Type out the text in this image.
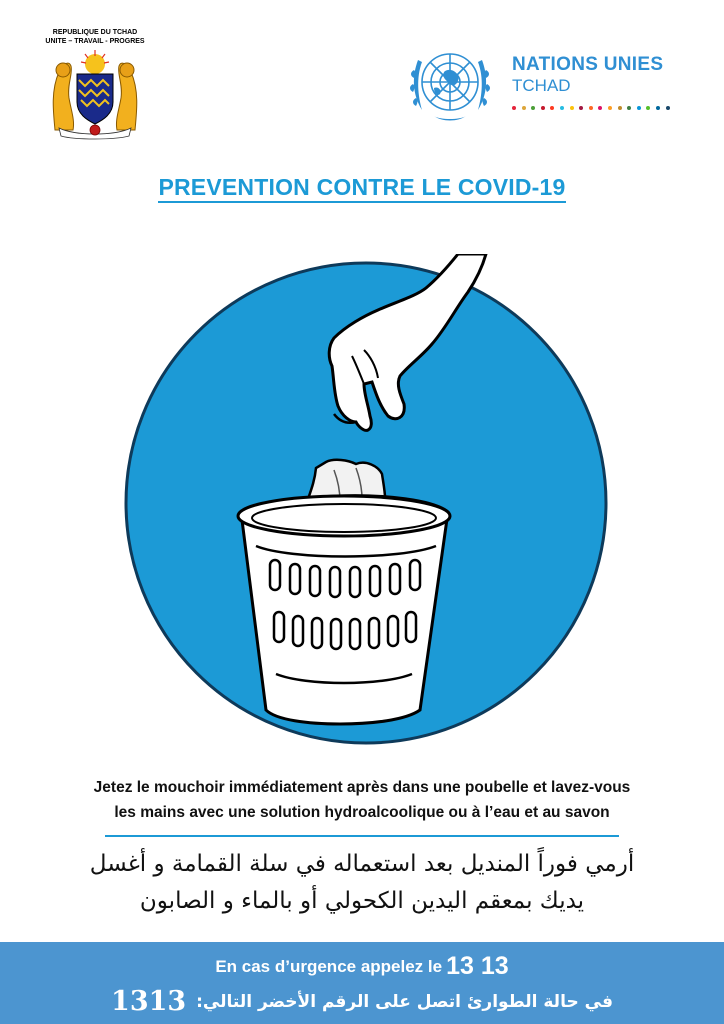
REPUBLIQUE DU TCHAD
UNITE – TRAVAIL - PROGRES
NATIONS UNIES
TCHAD
PREVENTION CONTRE LE COVID-19
Jetez le mouchoir immédiatement après dans une poubelle et lavez-vous
les mains avec une solution hydroalcoolique ou à l’eau et au savon
أرمي فوراً المنديل بعد استعماله في سلة القمامة و أغسل
يديك بمعقم اليدين الكحولي أو بالماء و الصابون
En cas d’urgence appelez le 13 13
في حالة الطوارئ اتصل على الرقم الأخضر التالي: 1313
